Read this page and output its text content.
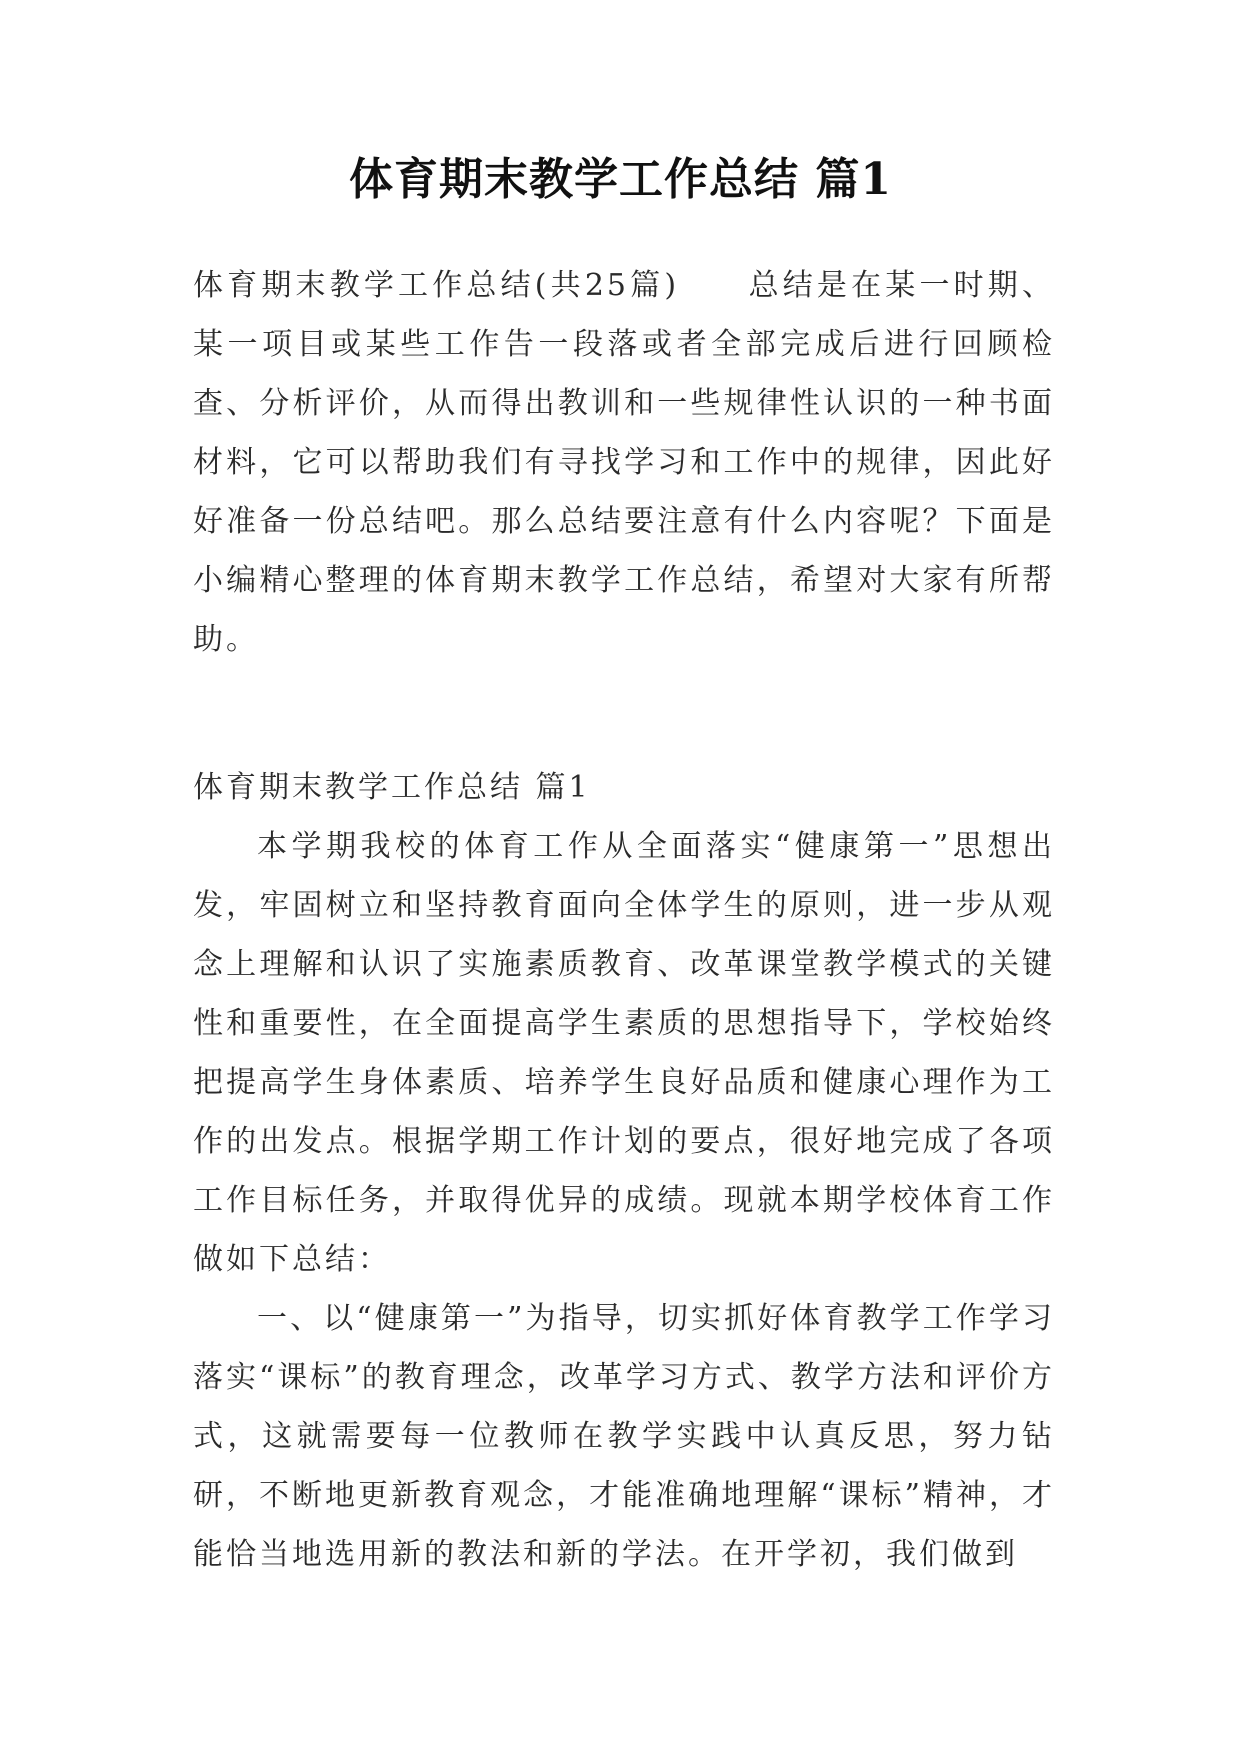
体育期末教学工作总结 篇1

体育期末教学工作总结(共25篇)　　总结是在某一时期、某一项目或某些工作告一段落或者全部完成后进行回顾检查、分析评价，从而得出教训和一些规律性认识的一种书面材料，它可以帮助我们有寻找学习和工作中的规律，因此好好准备一份总结吧。那么总结要注意有什么内容呢？下面是小编精心整理的体育期末教学工作总结，希望对大家有所帮助。

体育期末教学工作总结 篇1

本学期我校的体育工作从全面落实“健康第一”思想出发，牢固树立和坚持教育面向全体学生的原则，进一步从观念上理解和认识了实施素质教育、改革课堂教学模式的关键性和重要性，在全面提高学生素质的思想指导下，学校始终把提高学生身体素质、培养学生良好品质和健康心理作为工作的出发点。根据学期工作计划的要点，很好地完成了各项工作目标任务，并取得优异的成绩。现就本期学校体育工作做如下总结：

一、以“健康第一”为指导，切实抓好体育教学工作学习落实“课标”的教育理念，改革学习方式、教学方法和评价方式，这就需要每一位教师在教学实践中认真反思，努力钻研，不断地更新教育观念，才能准确地理解“课标”精神，才能恰当地选用新的教法和新的学法。在开学初，我们做到
